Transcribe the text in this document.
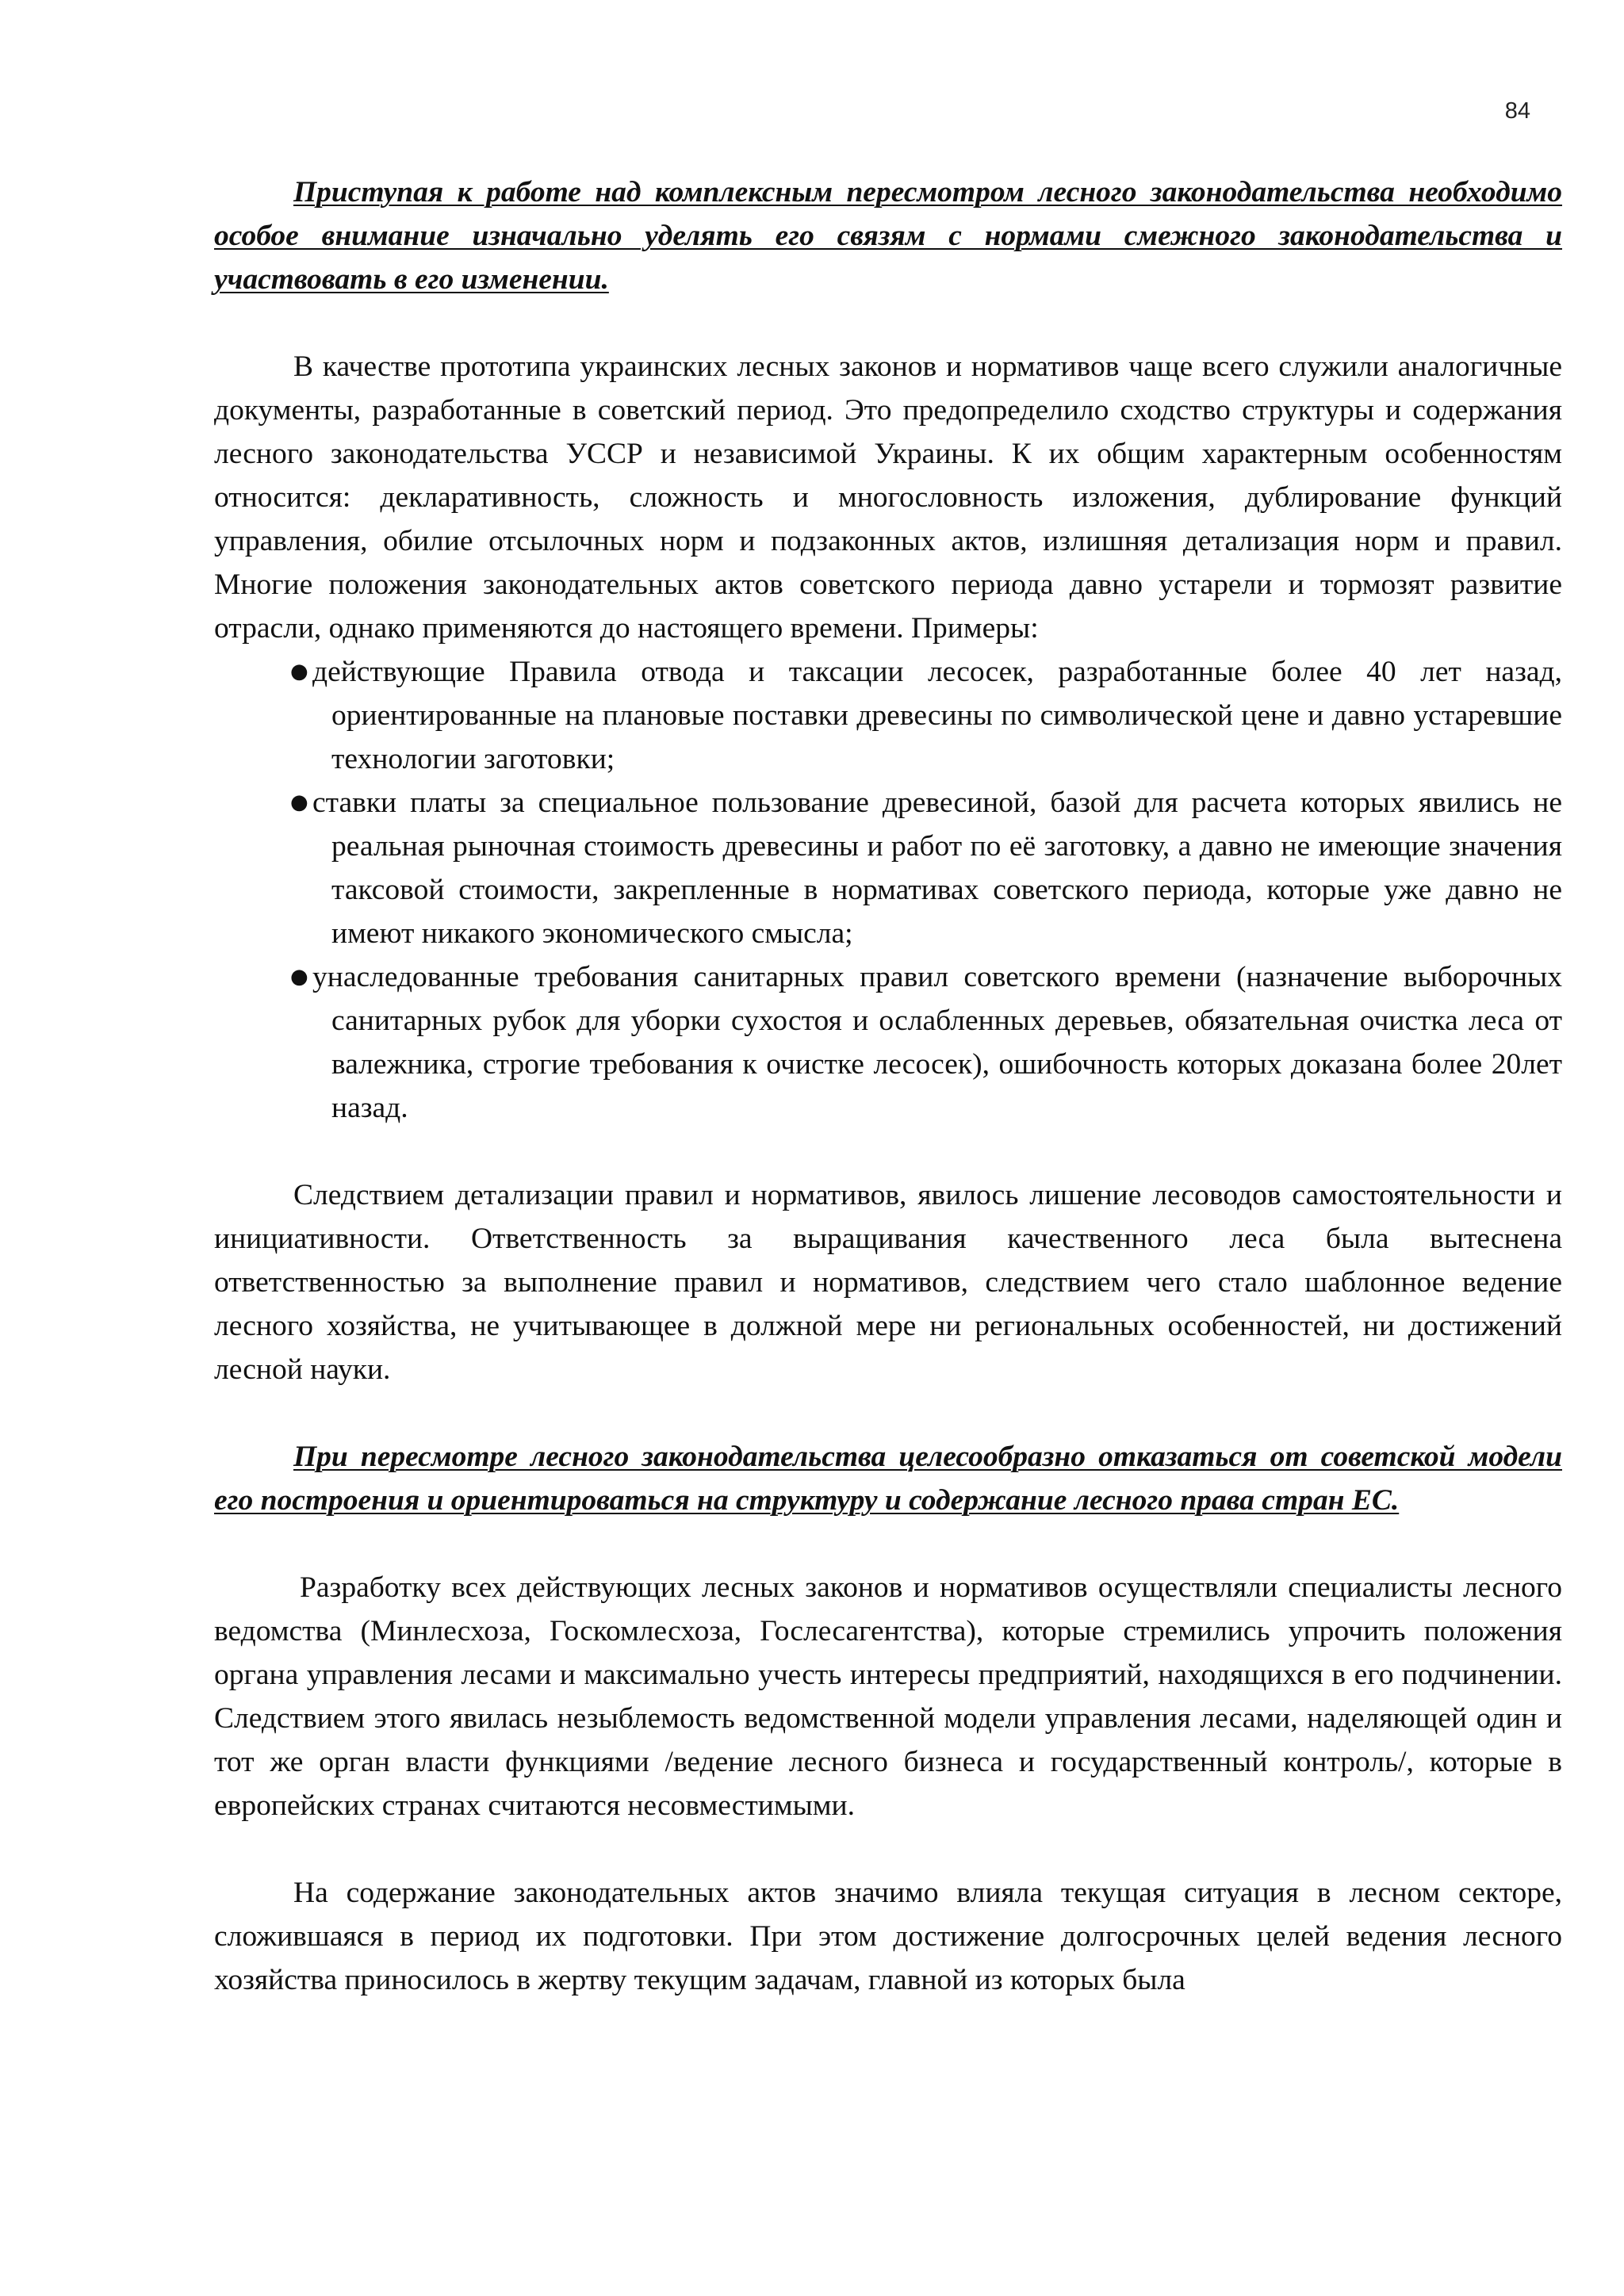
84

Приступая к работе над комплексным пересмотром лесного законодательства необходимо особое внимание изначально уделять его связям с нормами смежного законодательства и участвовать в его изменении.

В качестве прототипа украинских лесных законов и нормативов чаще всего служили аналогичные документы, разработанные в советский период. Это предопределило сходство структуры и содержания лесного законодательства УССР и независимой Украины. К их общим характерным особенностям относится: декларативность, сложность и многословность изложения, дублирование функций управления, обилие отсылочных норм и подзаконных актов, излишняя детализация норм и правил. Многие положения законодательных актов советского периода давно устарели и тормозят развитие отрасли, однако применяются до настоящего времени. Примеры:

● действующие Правила отвода и таксации лесосек, разработанные более 40 лет назад, ориентированные на плановые поставки древесины по символической цене и давно устаревшие технологии заготовки;
● ставки платы за специальное пользование древесиной, базой для расчета которых явились не реальная рыночная стоимость древесины и работ по её заготовку, а давно не имеющие значения таксовой стоимости, закрепленные в нормативах советского периода, которые уже давно не имеют никакого экономического смысла;
● унаследованные требования санитарных правил советского времени (назначение выборочных санитарных рубок для уборки сухостоя и ослабленных деревьев, обязательная очистка леса от валежника, строгие требования к очистке лесосек), ошибочность которых доказана более 20лет назад.

Следствием детализации правил и нормативов, явилось лишение лесоводов самостоятельности и инициативности. Ответственность за выращивания качественного леса была вытеснена ответственностью за выполнение правил и нормативов, следствием чего стало шаблонное ведение лесного хозяйства, не учитывающее в должной мере ни региональных особенностей, ни достижений лесной науки.

При пересмотре лесного законодательства целесообразно отказаться от советской модели его построения и ориентироваться на структуру и содержание лесного права стран ЕС.

Разработку всех действующих лесных законов и нормативов осуществляли специалисты лесного ведомства (Минлесхоза, Госкомлесхоза, Гослесагентства), которые стремились упрочить положения органа управления лесами и максимально учесть интересы предприятий, находящихся в его подчинении. Следствием этого явилась незыблемость ведомственной модели управления лесами, наделяющей один и тот же орган власти функциями /ведение лесного бизнеса и государственный контроль/, которые в европейских странах считаются несовместимыми.

На содержание законодательных актов значимо влияла текущая ситуация в лесном секторе, сложившаяся в период их подготовки. При этом достижение долгосрочных целей ведения лесного хозяйства приносилось в жертву текущим задачам, главной из которых была
